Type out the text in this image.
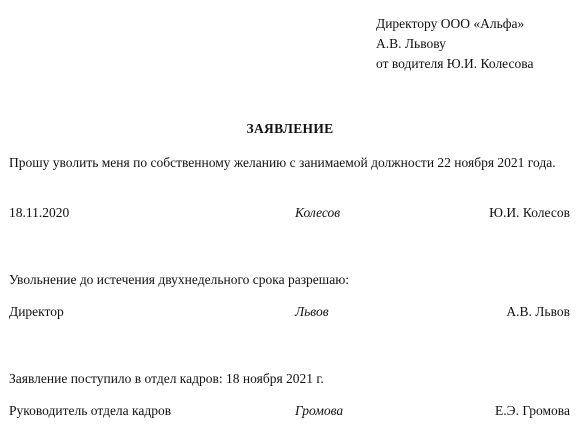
Директору ООО «Альфа»
А.В. Львову
от водителя Ю.И. Колесова
ЗАЯВЛЕНИЕ
Прошу уволить меня по собственному желанию с занимаемой должности 22 ноября 2021 года.
18.11.2020	Колесов	Ю.И. Колесов
Увольнение до истечения двухнедельного срока разрешаю:
Директор	Львов	А.В. Львов
Заявление поступило в отдел кадров: 18 ноября 2021 г.
Руководитель отдела кадров	Громова	Е.Э. Громова
